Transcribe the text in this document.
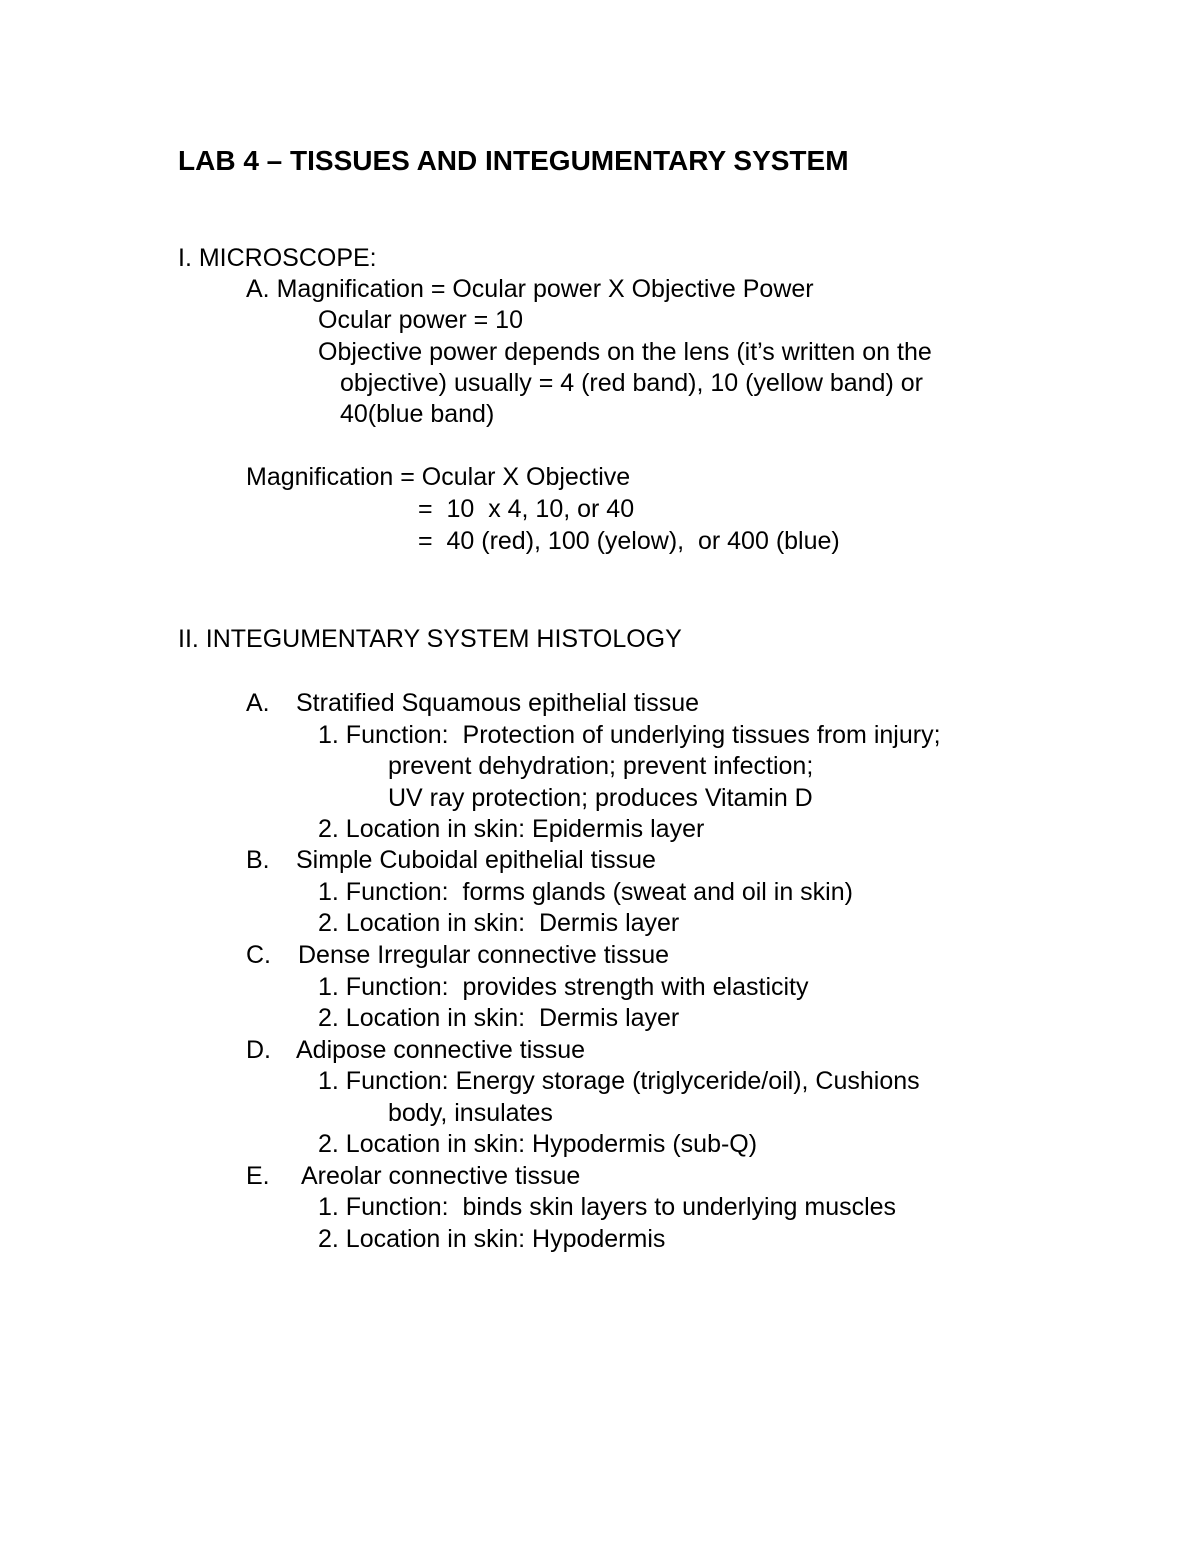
LAB 4 – TISSUES AND INTEGUMENTARY SYSTEM
I. MICROSCOPE:
A. Magnification = Ocular power X Objective Power
Ocular power = 10
Objective power depends on the lens (it’s written on the
objective) usually = 4 (red band), 10 (yellow band) or
40(blue band)
Magnification = Ocular X Objective
=  10  x 4, 10, or 40
=  40 (red), 100 (yelow),  or 400 (blue)
II. INTEGUMENTARY SYSTEM HISTOLOGY
A. Stratified Squamous epithelial tissue
1. Function:  Protection of underlying tissues from injury;
prevent dehydration; prevent infection;
UV ray protection; produces Vitamin D
2. Location in skin: Epidermis layer
B. Simple Cuboidal epithelial tissue
1. Function:  forms glands (sweat and oil in skin)
2. Location in skin:  Dermis layer
C. Dense Irregular connective tissue
1. Function:  provides strength with elasticity
2. Location in skin:  Dermis layer
D. Adipose connective tissue
1. Function: Energy storage (triglyceride/oil), Cushions
body, insulates
2. Location in skin: Hypodermis (sub-Q)
E. Areolar connective tissue
1. Function:  binds skin layers to underlying muscles
2. Location in skin: Hypodermis
